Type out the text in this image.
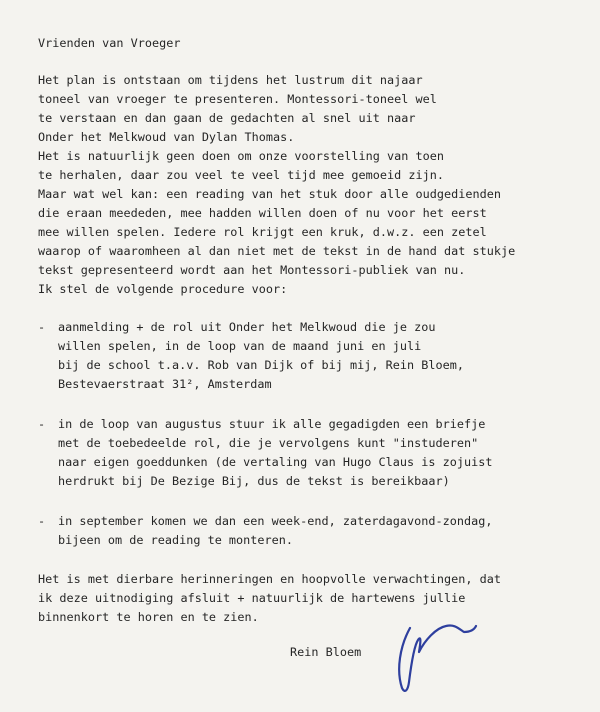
Vrienden van Vroeger

Het plan is ontstaan om tijdens het lustrum dit najaar

toneel van vroeger te presenteren. Montessori-toneel wel

te verstaan en dan gaan de gedachten al snel uit naar

Onder het Melkwoud van Dylan Thomas.

Het is natuurlijk geen doen om onze voorstelling van toen

te herhalen, daar zou veel te veel tijd mee gemoeid zijn.

Maar wat wel kan: een reading van het stuk door alle oudgedienden

die eraan meededen, mee hadden willen doen of nu voor het eerst

mee willen spelen. Iedere rol krijgt een kruk, d.w.z. een zetel

waarop of waaromheen al dan niet met de tekst in de hand dat stukje

tekst gepresenteerd wordt aan het Montessori-publiek van nu.

Ik stel de volgende procedure voor:

- aanmelding + de rol uit Onder het Melkwoud die je zou

willen spelen, in de loop van de maand juni en juli

bij de school t.a.v. Rob van Dijk of bij mij, Rein Bloem,

Bestevaerstraat 31², Amsterdam

- in de loop van augustus stuur ik alle gegadigden een briefje

met de toebedeelde rol, die je vervolgens kunt "instuderen"

naar eigen goeddunken (de vertaling van Hugo Claus is zojuist

herdrukt bij De Bezige Bij, dus de tekst is bereikbaar)

- in september komen we dan een week-end, zaterdagavond-zondag,

bijeen om de reading te monteren.

Het is met dierbare herinneringen en hoopvolle verwachtingen, dat

ik deze uitnodiging afsluit + natuurlijk de hartewens jullie

binnenkort te horen en te zien.

Rein Bloem
